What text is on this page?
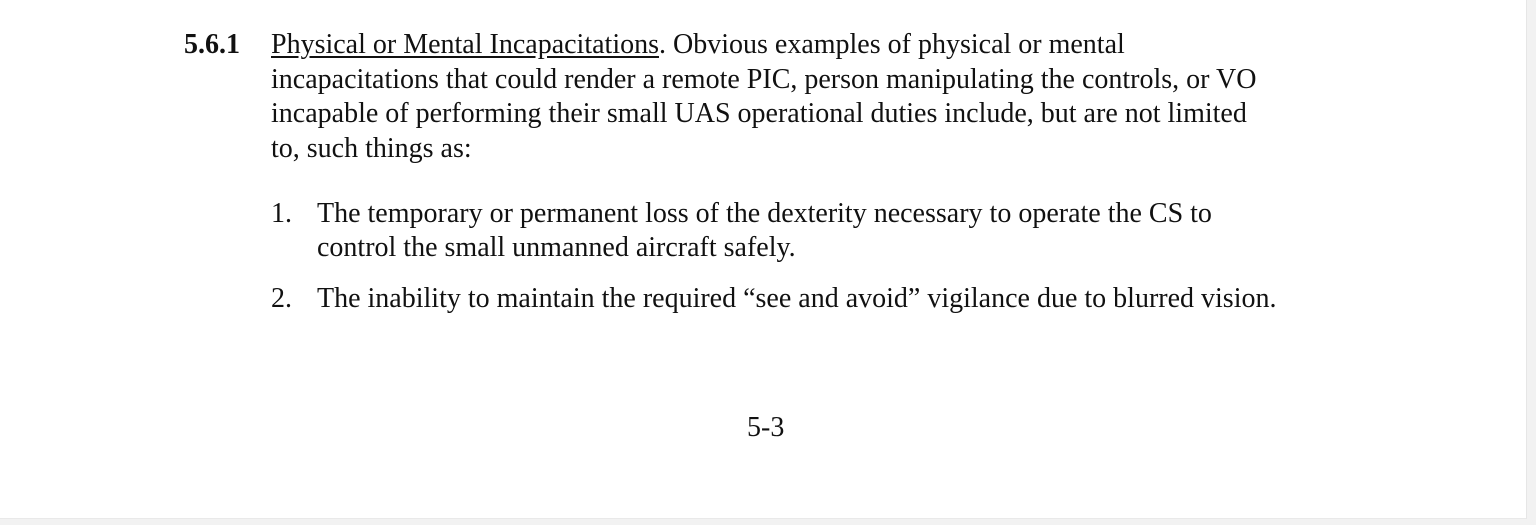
5.6.1 Physical or Mental Incapacitations. Obvious examples of physical or mental
incapacitations that could render a remote PIC, person manipulating the controls, or VO
incapable of performing their small UAS operational duties include, but are not limited
to, such things as:
1. The temporary or permanent loss of the dexterity necessary to operate the CS to
control the small unmanned aircraft safely.
2. The inability to maintain the required “see and avoid” vigilance due to blurred vision.
5-3
